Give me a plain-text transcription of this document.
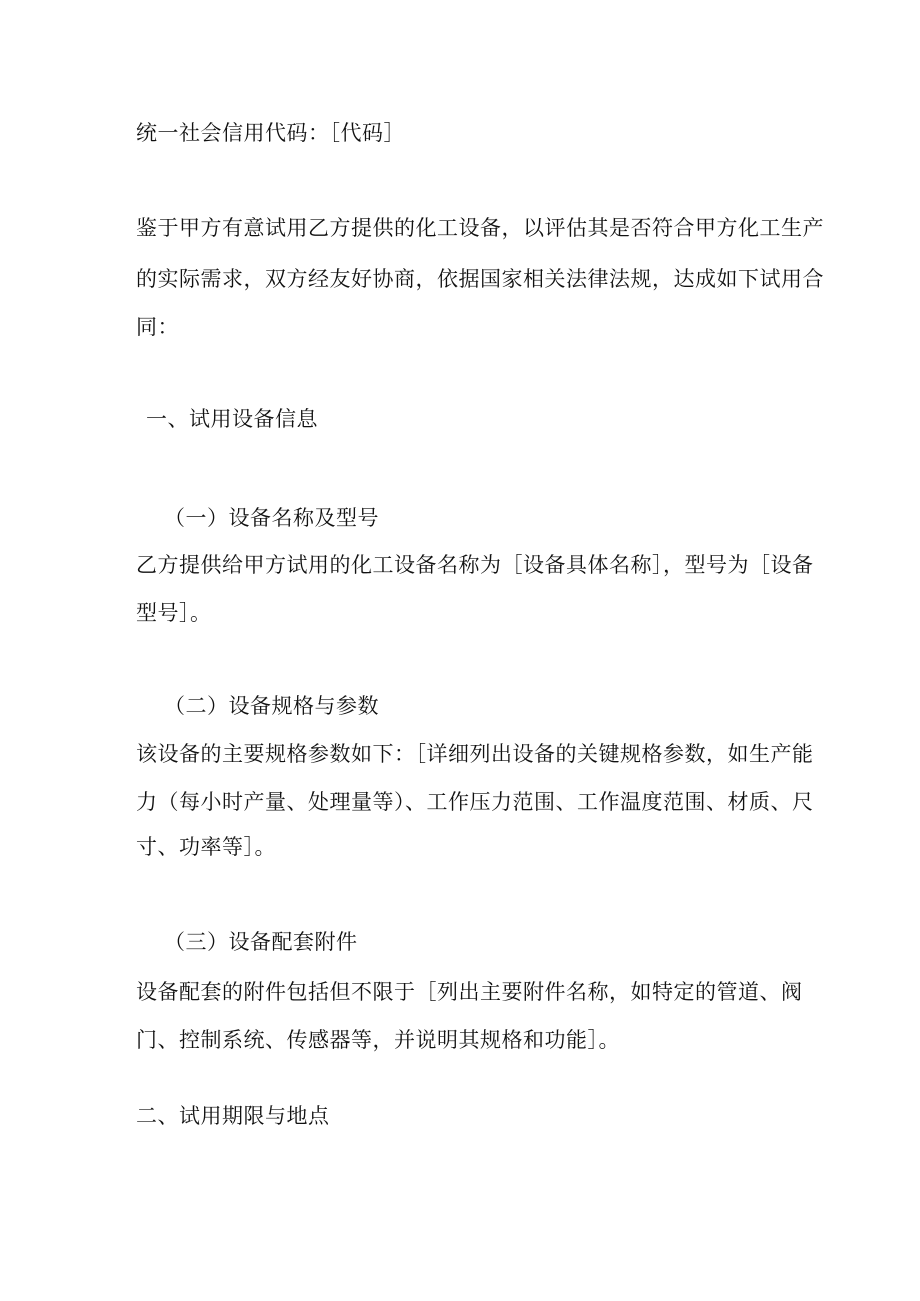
统一社会信用代码：［代码］
鉴于甲方有意试用乙方提供的化工设备，以评估其是否符合甲方化工生产
的实际需求，双方经友好协商，依据国家相关法律法规，达成如下试用合
同：
一、试用设备信息
（一）设备名称及型号
乙方提供给甲方试用的化工设备名称为［设备具体名称］，型号为［设备
型号］。
（二）设备规格与参数
该设备的主要规格参数如下：［详细列出设备的关键规格参数，如生产能
力（每小时产量、处理量等）、工作压力范围、工作温度范围、材质、尺
寸、功率等］。
（三）设备配套附件
设备配套的附件包括但不限于［列出主要附件名称，如特定的管道、阀
门、控制系统、传感器等，并说明其规格和功能］。
二、试用期限与地点
